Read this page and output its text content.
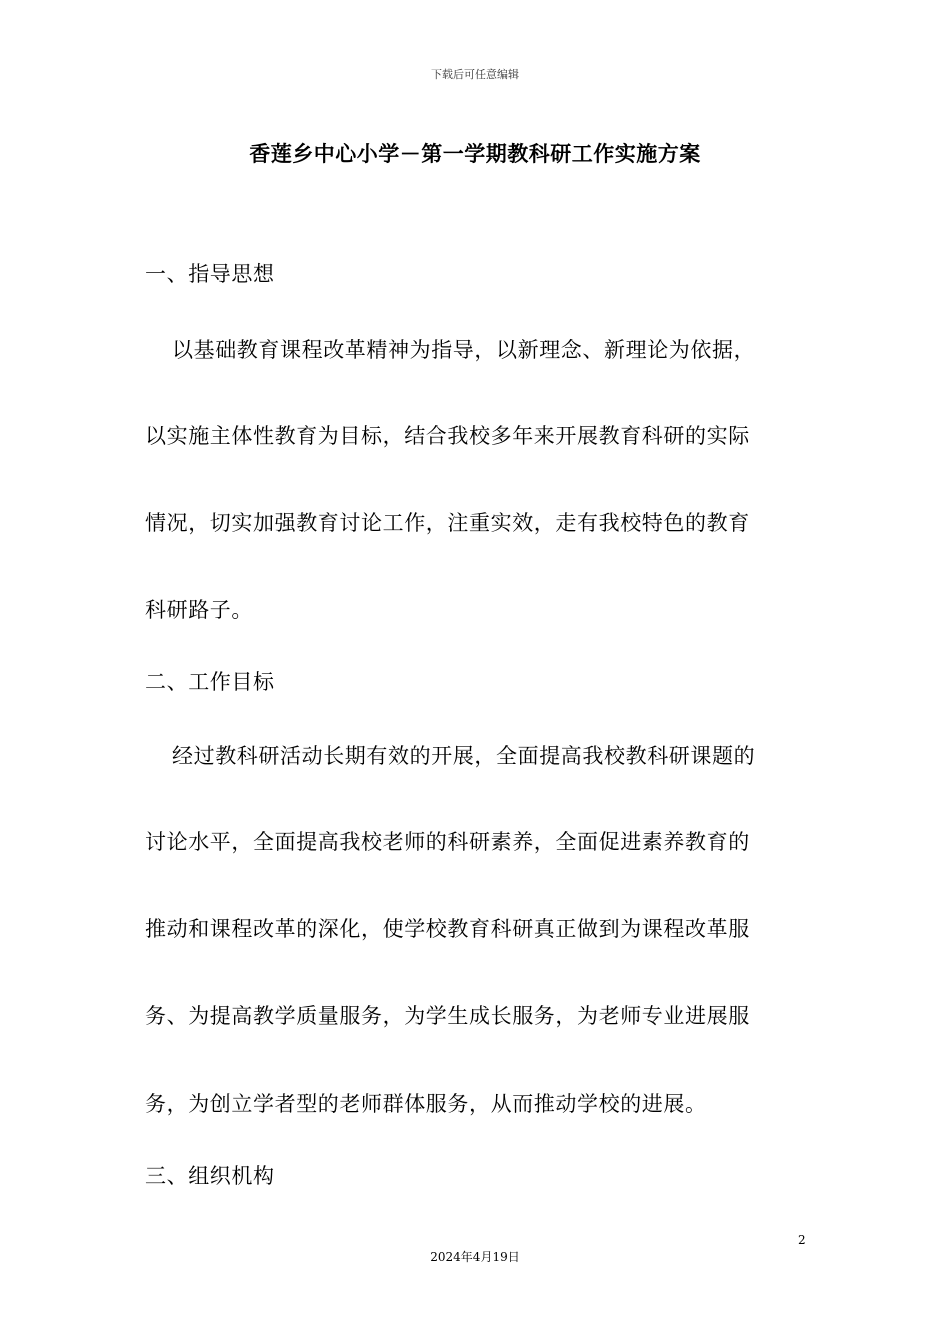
下载后可任意编辑
香莲乡中心小学－第一学期教科研工作实施方案
一、指导思想
以基础教育课程改革精神为指导，以新理念、新理论为依据，
以实施主体性教育为目标，结合我校多年来开展教育科研的实际
情况，切实加强教育讨论工作，注重实效，走有我校特色的教育
科研路子。
二、工作目标
经过教科研活动长期有效的开展，全面提高我校教科研课题的
讨论水平，全面提高我校老师的科研素养，全面促进素养教育的
推动和课程改革的深化，使学校教育科研真正做到为课程改革服
务、为提高教学质量服务，为学生成长服务，为老师专业进展服
务，为创立学者型的老师群体服务，从而推动学校的进展。
三、组织机构
2
2024年4月19日
